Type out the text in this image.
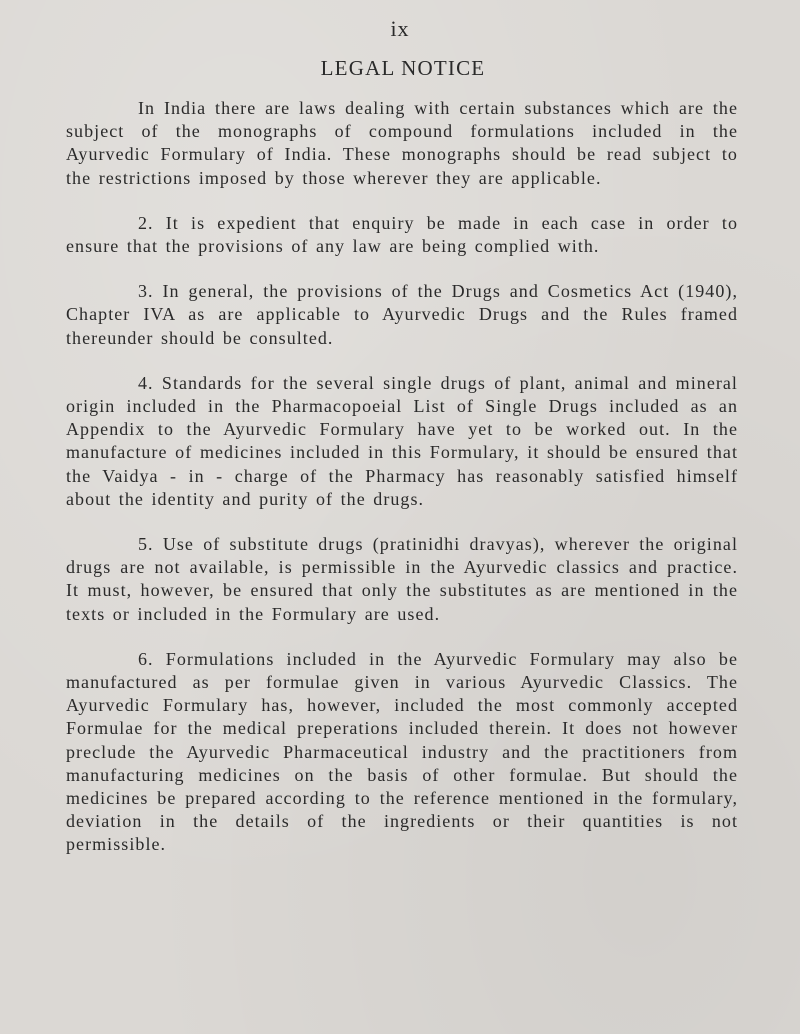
ix
LEGAL NOTICE

In India there are laws dealing with certain substances which are the subject of the monographs of compound formulations included in the Ayurvedic Formulary of India. These monographs should be read subject to the restrictions imposed by those wherever they are applicable.

2. It is expedient that enquiry be made in each case in order to ensure that the provisions of any law are being complied with.

3. In general, the provisions of the Drugs and Cosmetics Act (1940), Chapter IVA as are applicable to Ayurvedic Drugs and the Rules framed thereunder should be consulted.

4. Standards for the several single drugs of plant, animal and mineral origin included in the Pharmacopoeial List of Single Drugs included as an Appendix to the Ayurvedic Formulary have yet to be worked out. In the manufacture of medicines included in this Formulary, it should be ensured that the Vaidya - in - charge of the Pharmacy has reasonably satisfied himself about the identity and purity of the drugs.

5. Use of substitute drugs (pratinidhi dravyas), wherever the original drugs are not available, is permissible in the Ayurvedic classics and practice. It must, however, be ensured that only the substitutes as are mentioned in the texts or included in the Formulary are used.

6. Formulations included in the Ayurvedic Formulary may also be manufactured as per formulae given in various Ayurvedic Classics. The Ayurvedic Formulary has, however, included the most commonly accepted Formulae for the medical preperations included therein. It does not however preclude the Ayurvedic Pharmaceutical industry and the practitioners from manufacturing medicines on the basis of other formulae. But should the medicines be prepared according to the reference mentioned in the formulary, deviation in the details of the ingredients or their quantities is not permissible.
